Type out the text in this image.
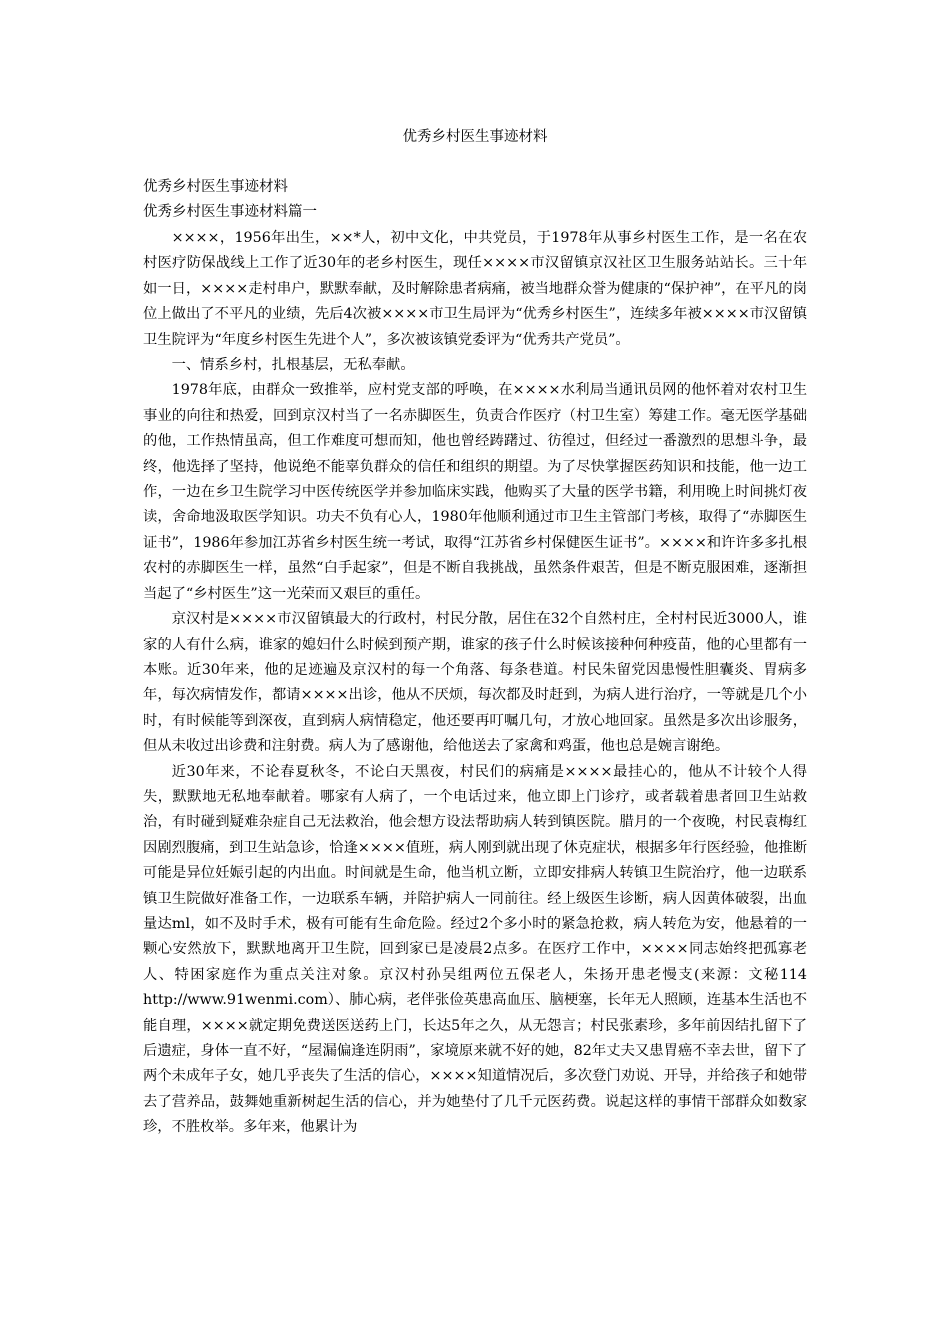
优秀乡村医生事迹材料
优秀乡村医生事迹材料
优秀乡村医生事迹材料篇一

××××，1956年出生，××*人，初中文化，中共党员，于1978年从事乡村医生工作，是一名在农村医疗防保战线上工作了近30年的老乡村医生，现任××××市汉留镇京汉社区卫生服务站站长。三十年如一日，××××走村串户，默默奉献，及时解除患者病痛，被当地群众誉为健康的“保护神”，在平凡的岗位上做出了不平凡的业绩，先后4次被××××市卫生局评为“优秀乡村医生”，连续多年被××××市汉留镇卫生院评为“年度乡村医生先进个人”，多次被该镇党委评为“优秀共产党员”。

一、情系乡村，扎根基层，无私奉献。

1978年底，由群众一致推举，应村党支部的呼唤，在××××水利局当通讯员网的他怀着对农村卫生事业的向往和热爱，回到京汉村当了一名赤脚医生，负责合作医疗（村卫生室）筹建工作。毫无医学基础的他，工作热情虽高，但工作难度可想而知，他也曾经踌躇过、彷徨过，但经过一番激烈的思想斗争，最终，他选择了坚持，他说绝不能辜负群众的信任和组织的期望。为了尽快掌握医药知识和技能，他一边工作，一边在乡卫生院学习中医传统医学并参加临床实践，他购买了大量的医学书籍，利用晚上时间挑灯夜读，舍命地汲取医学知识。功夫不负有心人，1980年他顺利通过市卫生主管部门考核，取得了“赤脚医生证书”，1986年参加江苏省乡村医生统一考试，取得“江苏省乡村保健医生证书”。××××和许许多多扎根农村的赤脚医生一样，虽然“白手起家”，但是不断自我挑战，虽然条件艰苦，但是不断克服困难，逐渐担当起了“乡村医生”这一光荣而又艰巨的重任。

京汉村是××××市汉留镇最大的行政村，村民分散，居住在32个自然村庄，全村村民近3000人，谁家的人有什么病，谁家的媳妇什么时候到预产期，谁家的孩子什么时候该接种何种疫苗，他的心里都有一本账。近30年来，他的足迹遍及京汉村的每一个角落、每条巷道。村民朱留党因患慢性胆囊炎、胃病多年，每次病情发作，都请××××出诊，他从不厌烦，每次都及时赶到，为病人进行治疗，一等就是几个小时，有时候能等到深夜，直到病人病情稳定，他还要再叮嘱几句，才放心地回家。虽然是多次出诊服务，但从未收过出诊费和注射费。病人为了感谢他，给他送去了家禽和鸡蛋，他也总是婉言谢绝。

近30年来，不论春夏秋冬，不论白天黑夜，村民们的病痛是××××最挂心的，他从不计较个人得失，默默地无私地奉献着。哪家有人病了，一个电话过来，他立即上门诊疗，或者载着患者回卫生站救治，有时碰到疑难杂症自己无法救治，他会想方设法帮助病人转到镇医院。腊月的一个夜晚，村民袁梅红因剧烈腹痛，到卫生站急诊，恰逢××××值班，病人刚到就出现了休克症状，根据多年行医经验，他推断可能是异位妊娠引起的内出血。时间就是生命，他当机立断，立即安排病人转镇卫生院治疗，他一边联系镇卫生院做好准备工作，一边联系车辆，并陪护病人一同前往。经上级医生诊断，病人因黄体破裂，出血量达ml，如不及时手术，极有可能有生命危险。经过2个多小时的紧急抢救，病人转危为安，他悬着的一颗心安然放下，默默地离开卫生院，回到家已是凌晨2点多。在医疗工作中，××××同志始终把孤寡老人、特困家庭作为重点关注对象。京汉村孙吴组两位五保老人，朱扬开患老慢支(来源：文秘114 http://www.91wenmi.com）、肺心病，老伴张俭英患高血压、脑梗塞，长年无人照顾，连基本生活也不能自理，××××就定期免费送医送药上门，长达5年之久，从无怨言；村民张素珍，多年前因结扎留下了后遗症，身体一直不好，“屋漏偏逢连阴雨”，家境原来就不好的她，82年丈夫又患胃癌不幸去世，留下了两个未成年子女，她几乎丧失了生活的信心，××××知道情况后，多次登门劝说、开导，并给孩子和她带去了营养品，鼓舞她重新树起生活的信心，并为她垫付了几千元医药费。说起这样的事情干部群众如数家珍，不胜枚举。多年来，他累计为
